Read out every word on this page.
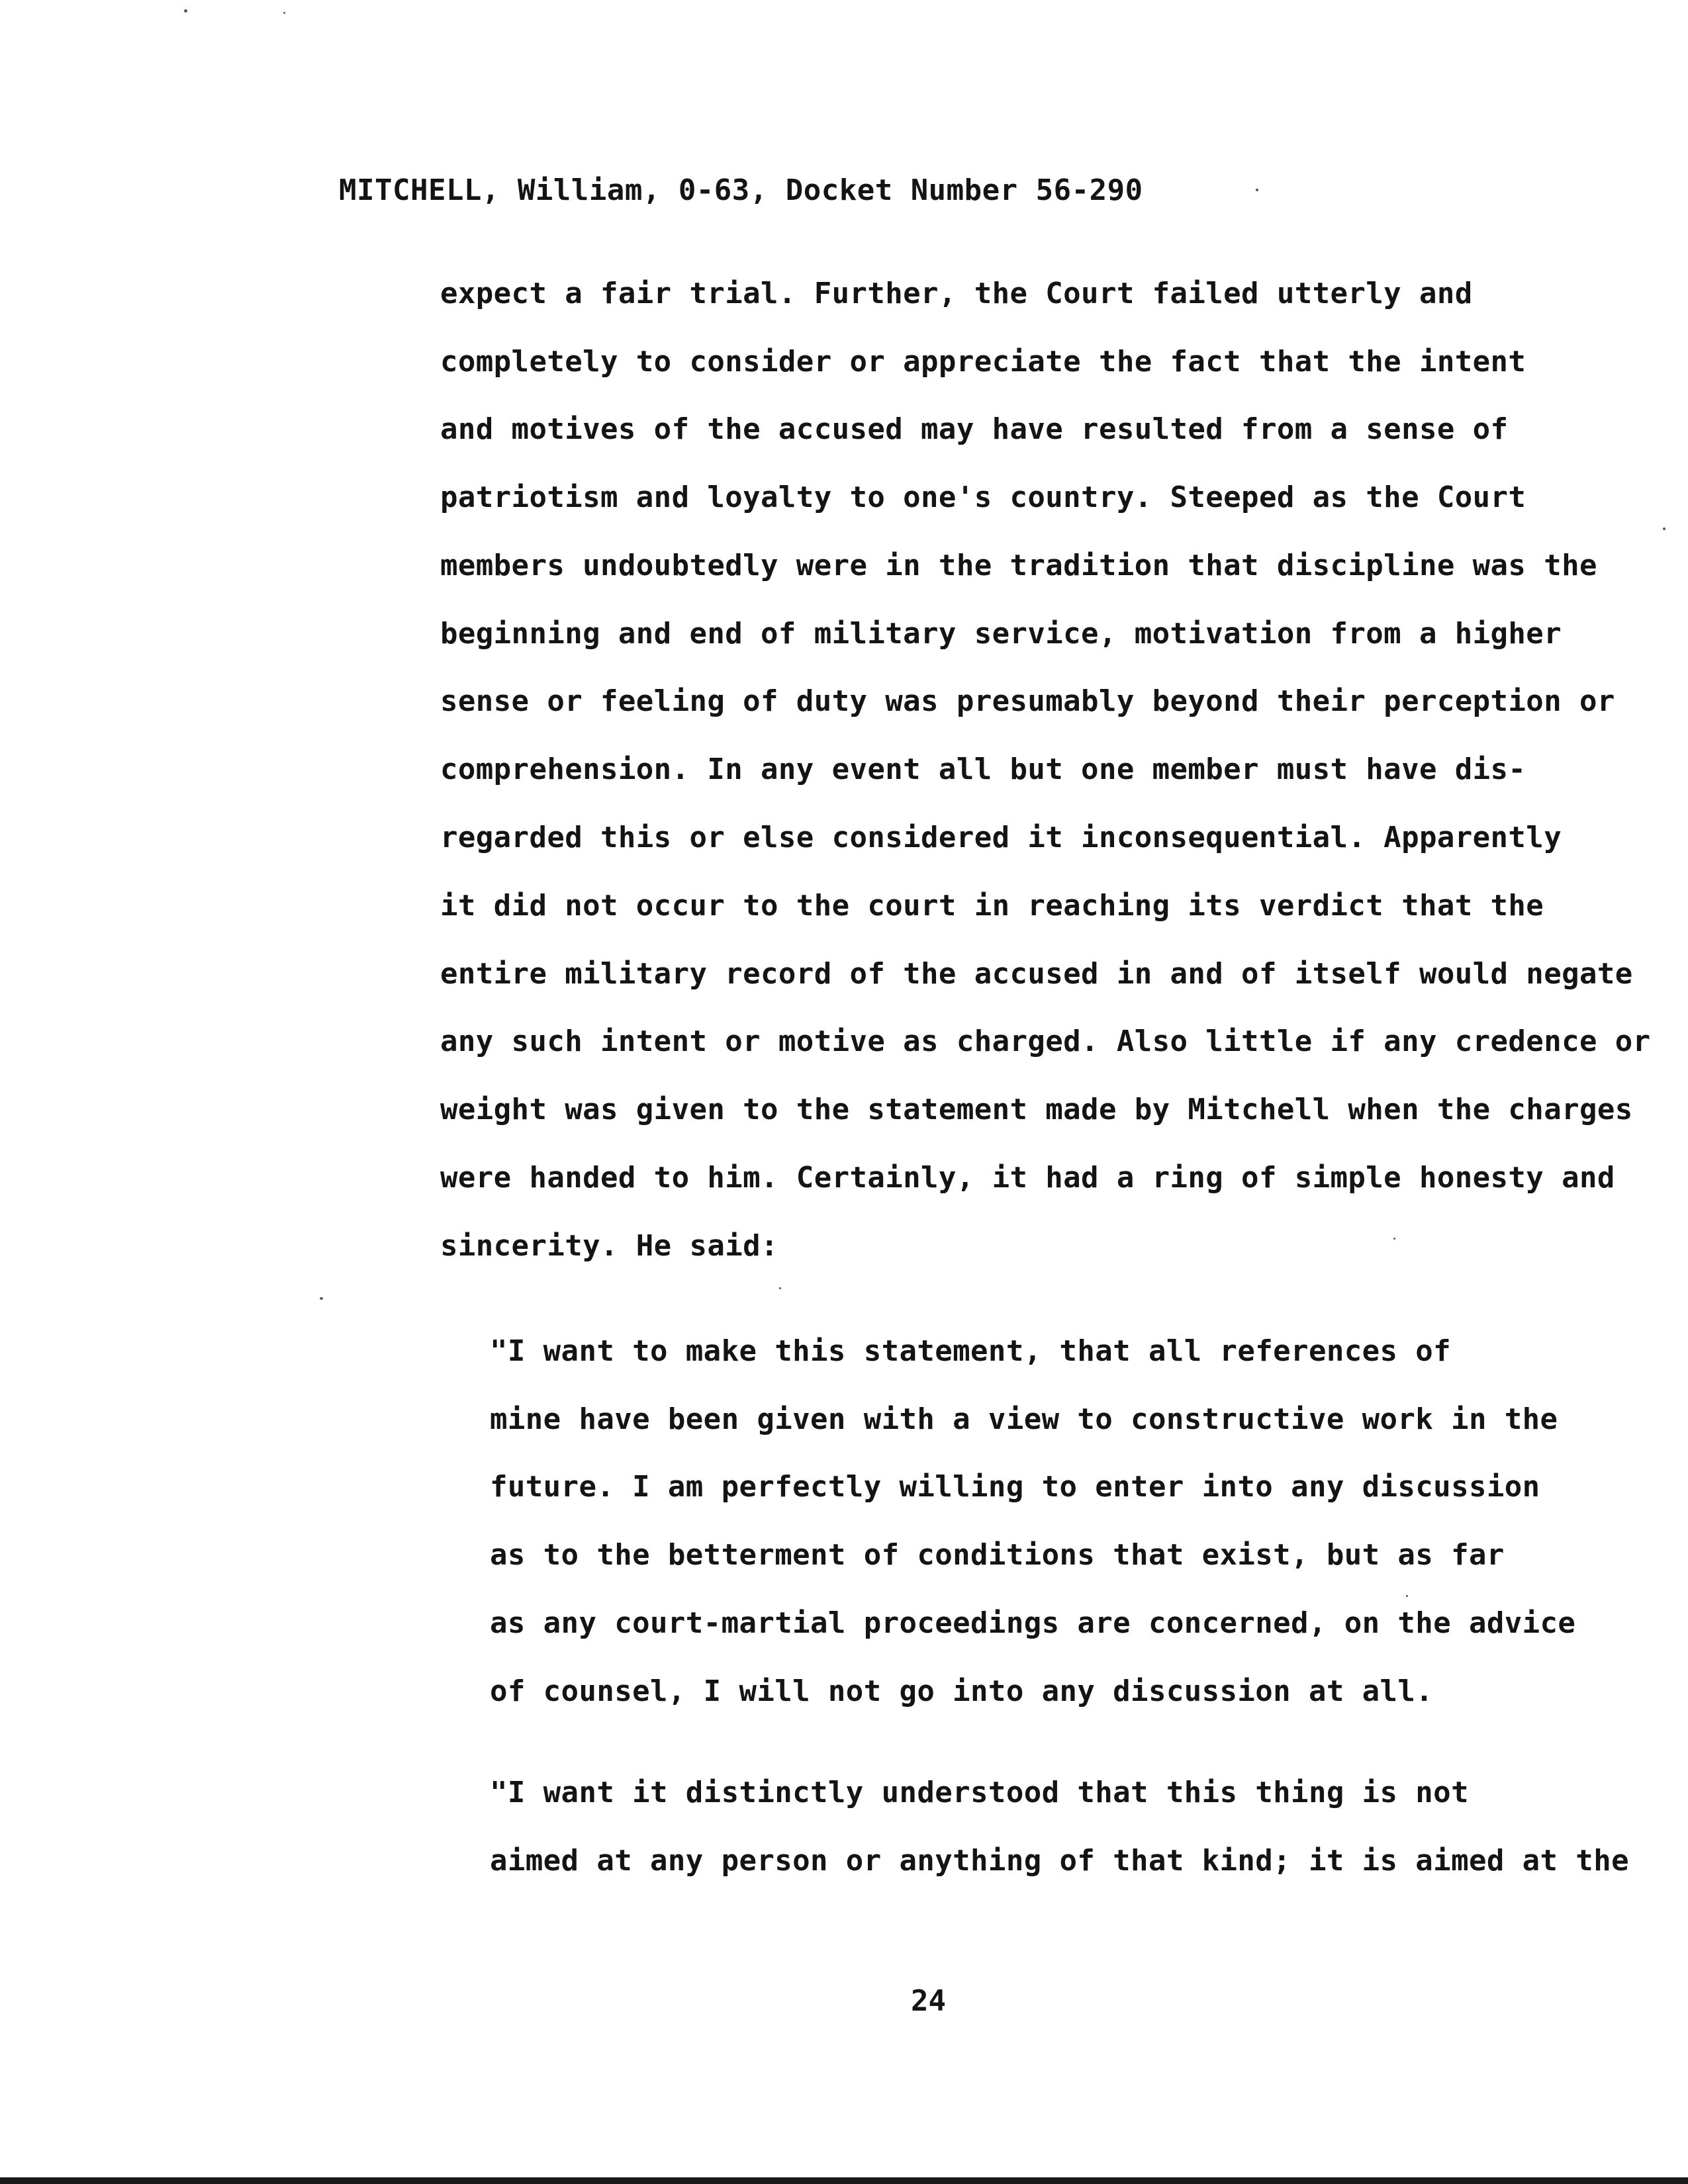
MITCHELL, William, 0-63, Docket Number 56-290
expect a fair trial. Further, the Court failed utterly and
completely to consider or appreciate the fact that the intent
and motives of the accused may have resulted from a sense of
patriotism and loyalty to one's country. Steeped as the Court
members undoubtedly were in the tradition that discipline was the
beginning and end of military service, motivation from a higher
sense or feeling of duty was presumably beyond their perception or
comprehension. In any event all but one member must have dis-
regarded this or else considered it inconsequential. Apparently
it did not occur to the court in reaching its verdict that the
entire military record of the accused in and of itself would negate
any such intent or motive as charged. Also little if any credence or
weight was given to the statement made by Mitchell when the charges
were handed to him. Certainly, it had a ring of simple honesty and
sincerity. He said:
"I want to make this statement, that all references of
mine have been given with a view to constructive work in the
future. I am perfectly willing to enter into any discussion
as to the betterment of conditions that exist, but as far
as any court-martial proceedings are concerned, on the advice
of counsel, I will not go into any discussion at all.
"I want it distinctly understood that this thing is not
aimed at any person or anything of that kind; it is aimed at the
24
